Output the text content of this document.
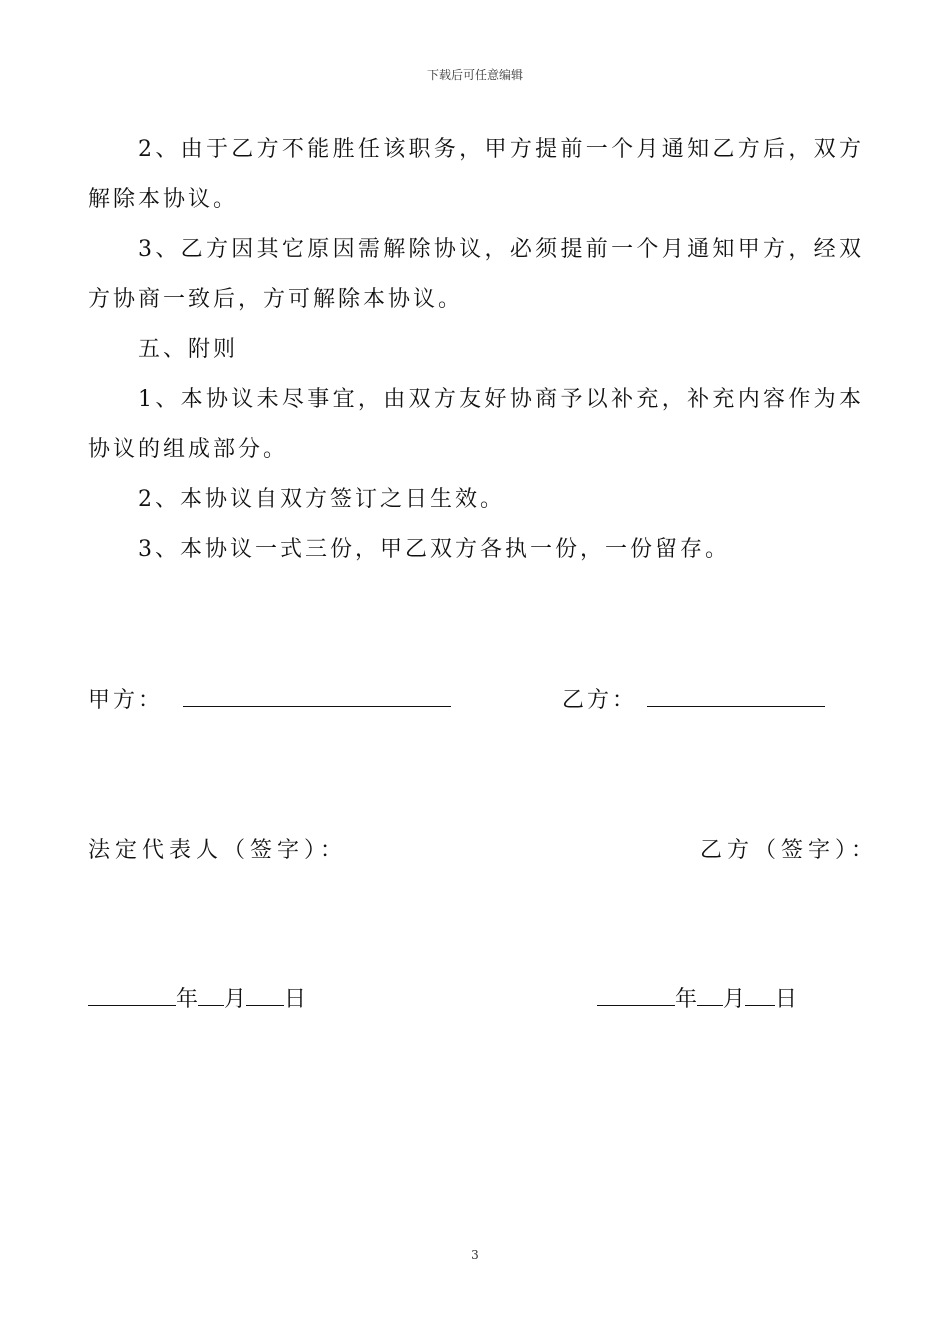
下载后可任意编辑

2、由于乙方不能胜任该职务，甲方提前一个月通知乙方后，双方解除本协议。

3、乙方因其它原因需解除协议，必须提前一个月通知甲方，经双方协商一致后，方可解除本协议。

五、附则

1、本协议未尽事宜，由双方友好协商予以补充，补充内容作为本协议的组成部分。

2、本协议自双方签订之日生效。

3、本协议一式三份，甲乙双方各执一份，一份留存。

甲方：	乙方：
法定代表人（签字）：	乙方（签字）：
年 月 日	年 月 日
3
